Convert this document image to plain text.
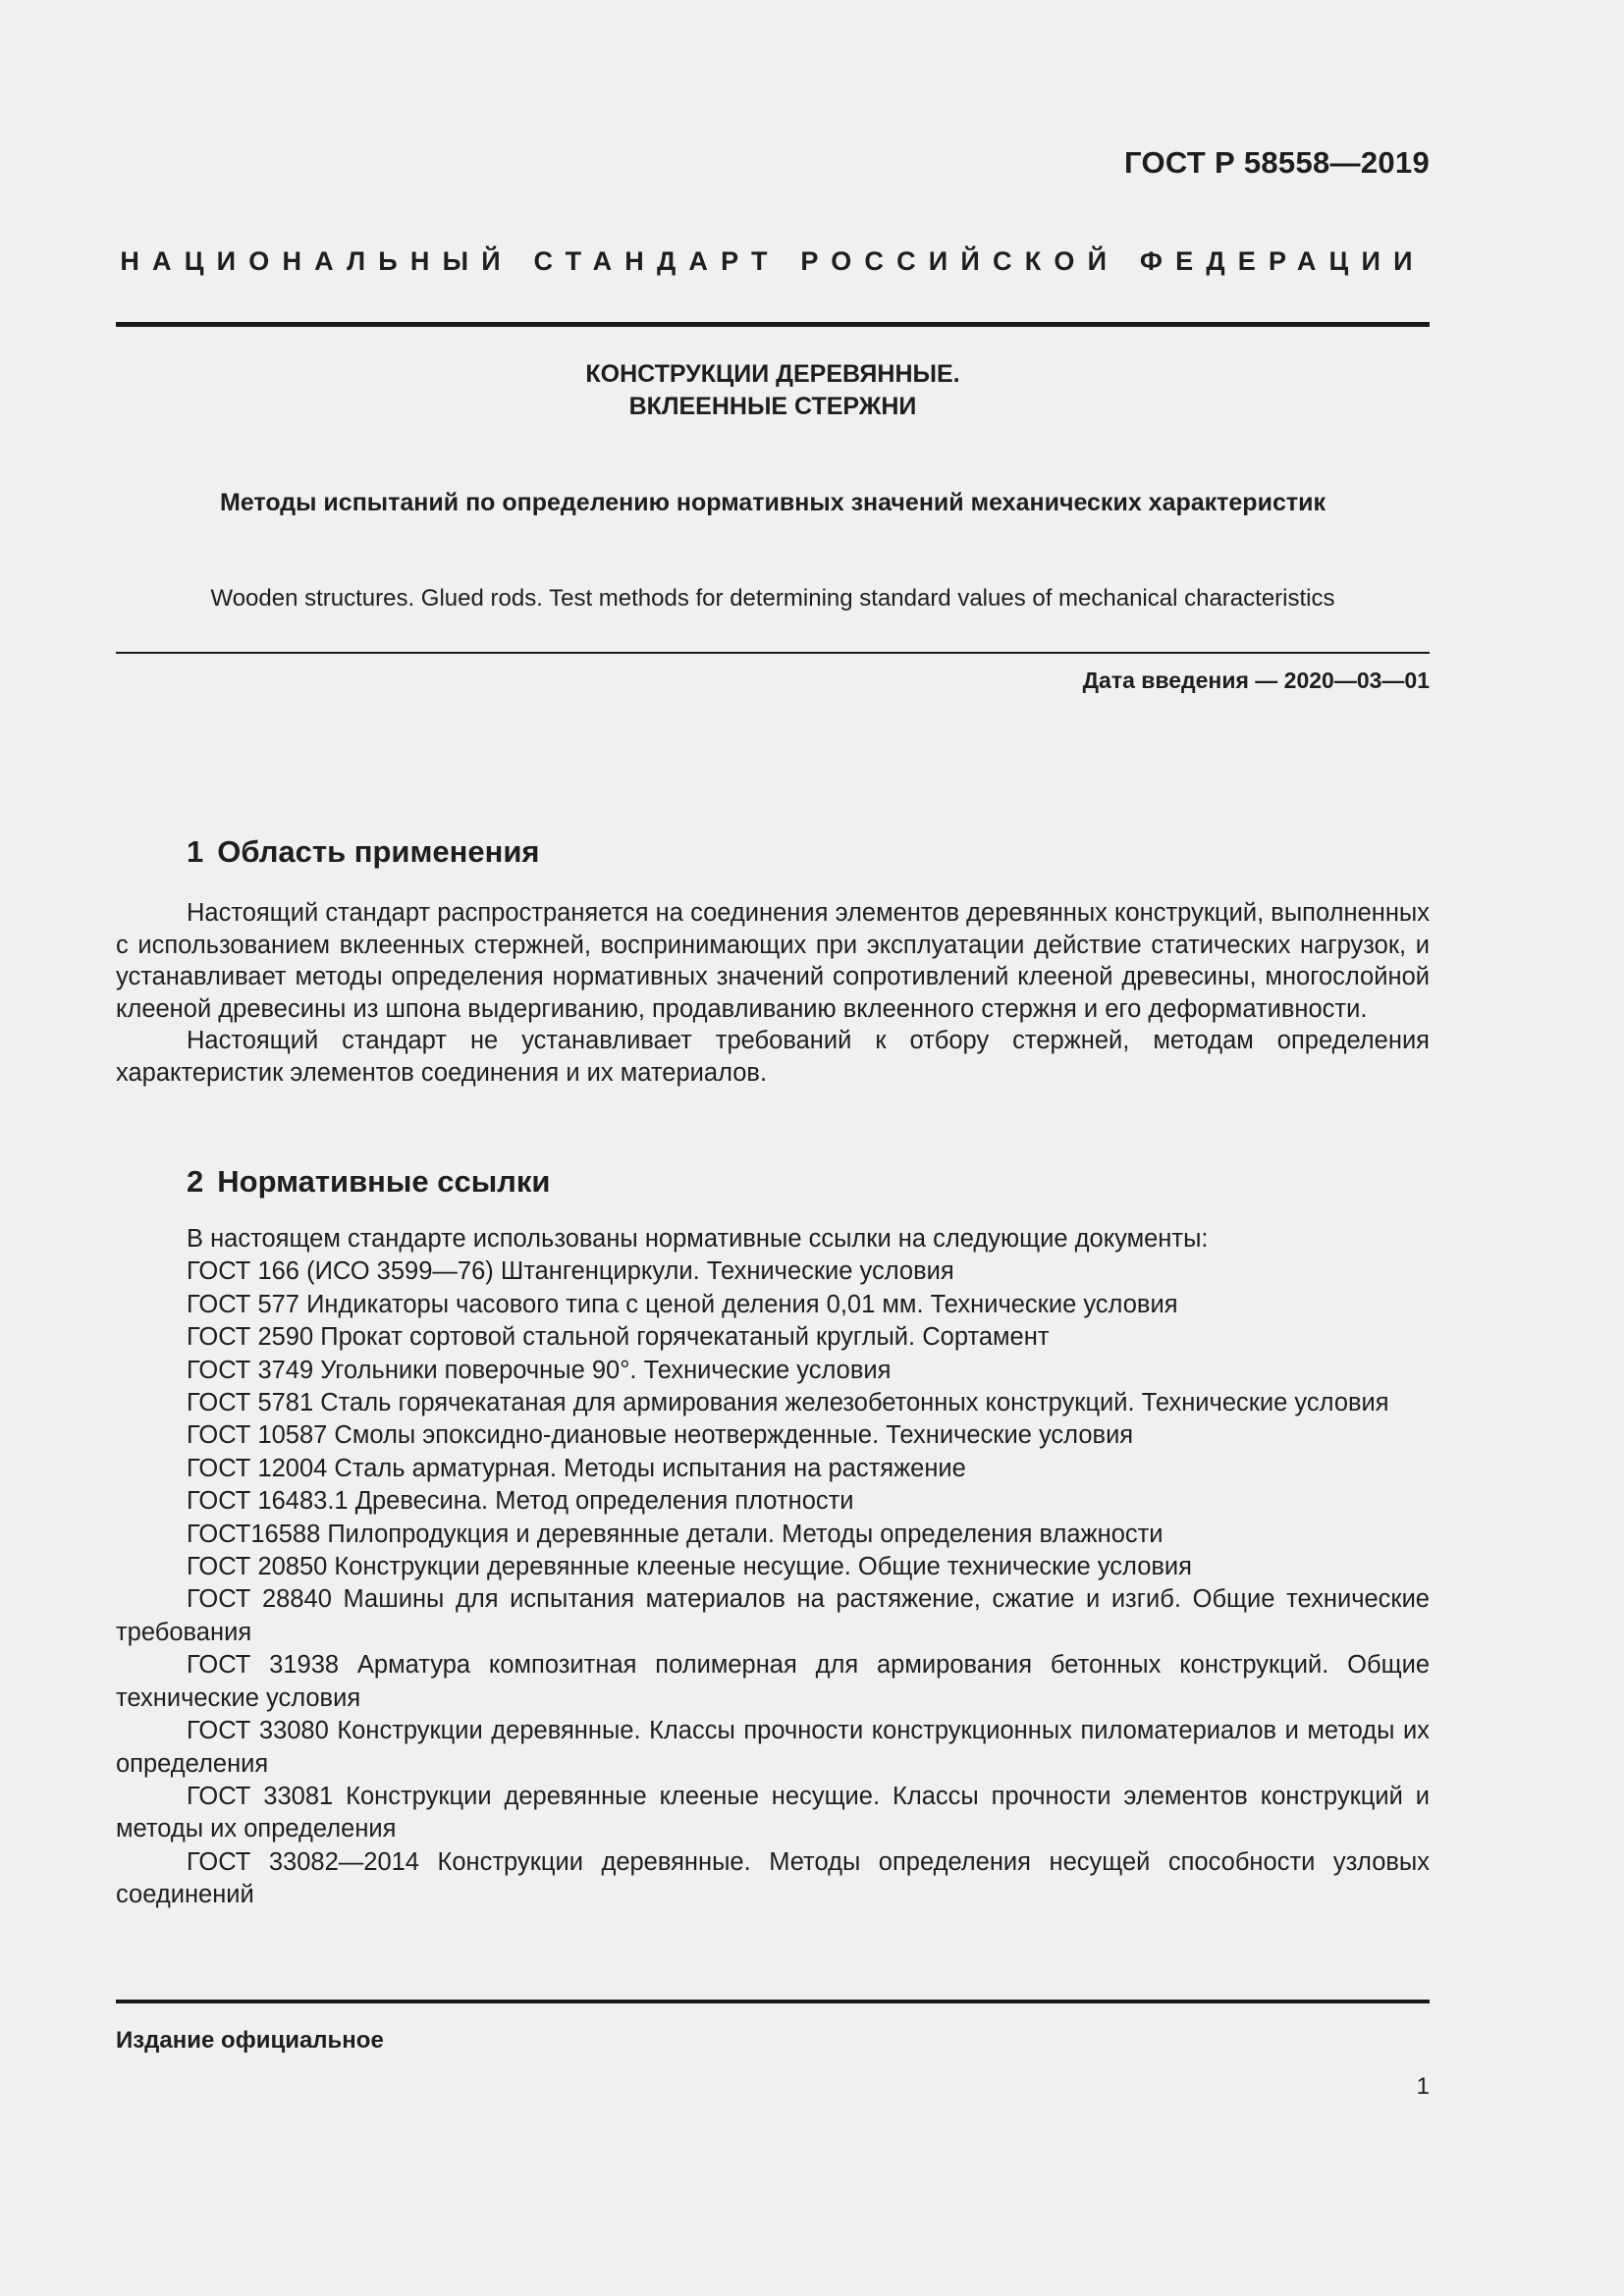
ГОСТ Р 58558—2019
НАЦИОНАЛЬНЫЙ СТАНДАРТ РОССИЙСКОЙ ФЕДЕРАЦИИ
КОНСТРУКЦИИ ДЕРЕВЯННЫЕ.
ВКЛЕЕННЫЕ СТЕРЖНИ
Методы испытаний по определению нормативных значений механических характеристик
Wooden structures. Glued rods. Test methods for determining standard values of mechanical characteristics
Дата введения — 2020—03—01
1 Область применения

Настоящий стандарт распространяется на соединения элементов деревянных конструкций, выполненных с использованием вклеенных стержней, воспринимающих при эксплуатации действие статических нагрузок, и устанавливает методы определения нормативных значений сопротивлений клееной древесины, многослойной клееной древесины из шпона выдергиванию, продавливанию вклеенного стержня и его деформативности.

Настоящий стандарт не устанавливает требований к отбору стержней, методам определения характеристик элементов соединения и их материалов.

2 Нормативные ссылки
В настоящем стандарте использованы нормативные ссылки на следующие документы:
ГОСТ 166 (ИСО 3599—76) Штангенциркули. Технические условия
ГОСТ 577 Индикаторы часового типа с ценой деления 0,01 мм. Технические условия
ГОСТ 2590 Прокат сортовой стальной горячекатаный круглый. Сортамент
ГОСТ 3749 Угольники поверочные 90°. Технические условия
ГОСТ 5781 Сталь горячекатаная для армирования железобетонных конструкций. Технические условия
ГОСТ 10587 Смолы эпоксидно-диановые неотвержденные. Технические условия
ГОСТ 12004 Сталь арматурная. Методы испытания на растяжение
ГОСТ 16483.1 Древесина. Метод определения плотности
ГОСТ16588 Пилопродукция и деревянные детали. Методы определения влажности
ГОСТ 20850 Конструкции деревянные клееные несущие. Общие технические условия
ГОСТ 28840 Машины для испытания материалов на растяжение, сжатие и изгиб. Общие технические требования
ГОСТ 31938 Арматура композитная полимерная для армирования бетонных конструкций. Общие технические условия
ГОСТ 33080 Конструкции деревянные. Классы прочности конструкционных пиломатериалов и методы их определения
ГОСТ 33081 Конструкции деревянные клееные несущие. Классы прочности элементов конструкций и методы их определения
ГОСТ 33082—2014 Конструкции деревянные. Методы определения несущей способности узловых соединений
Издание официальное
1
